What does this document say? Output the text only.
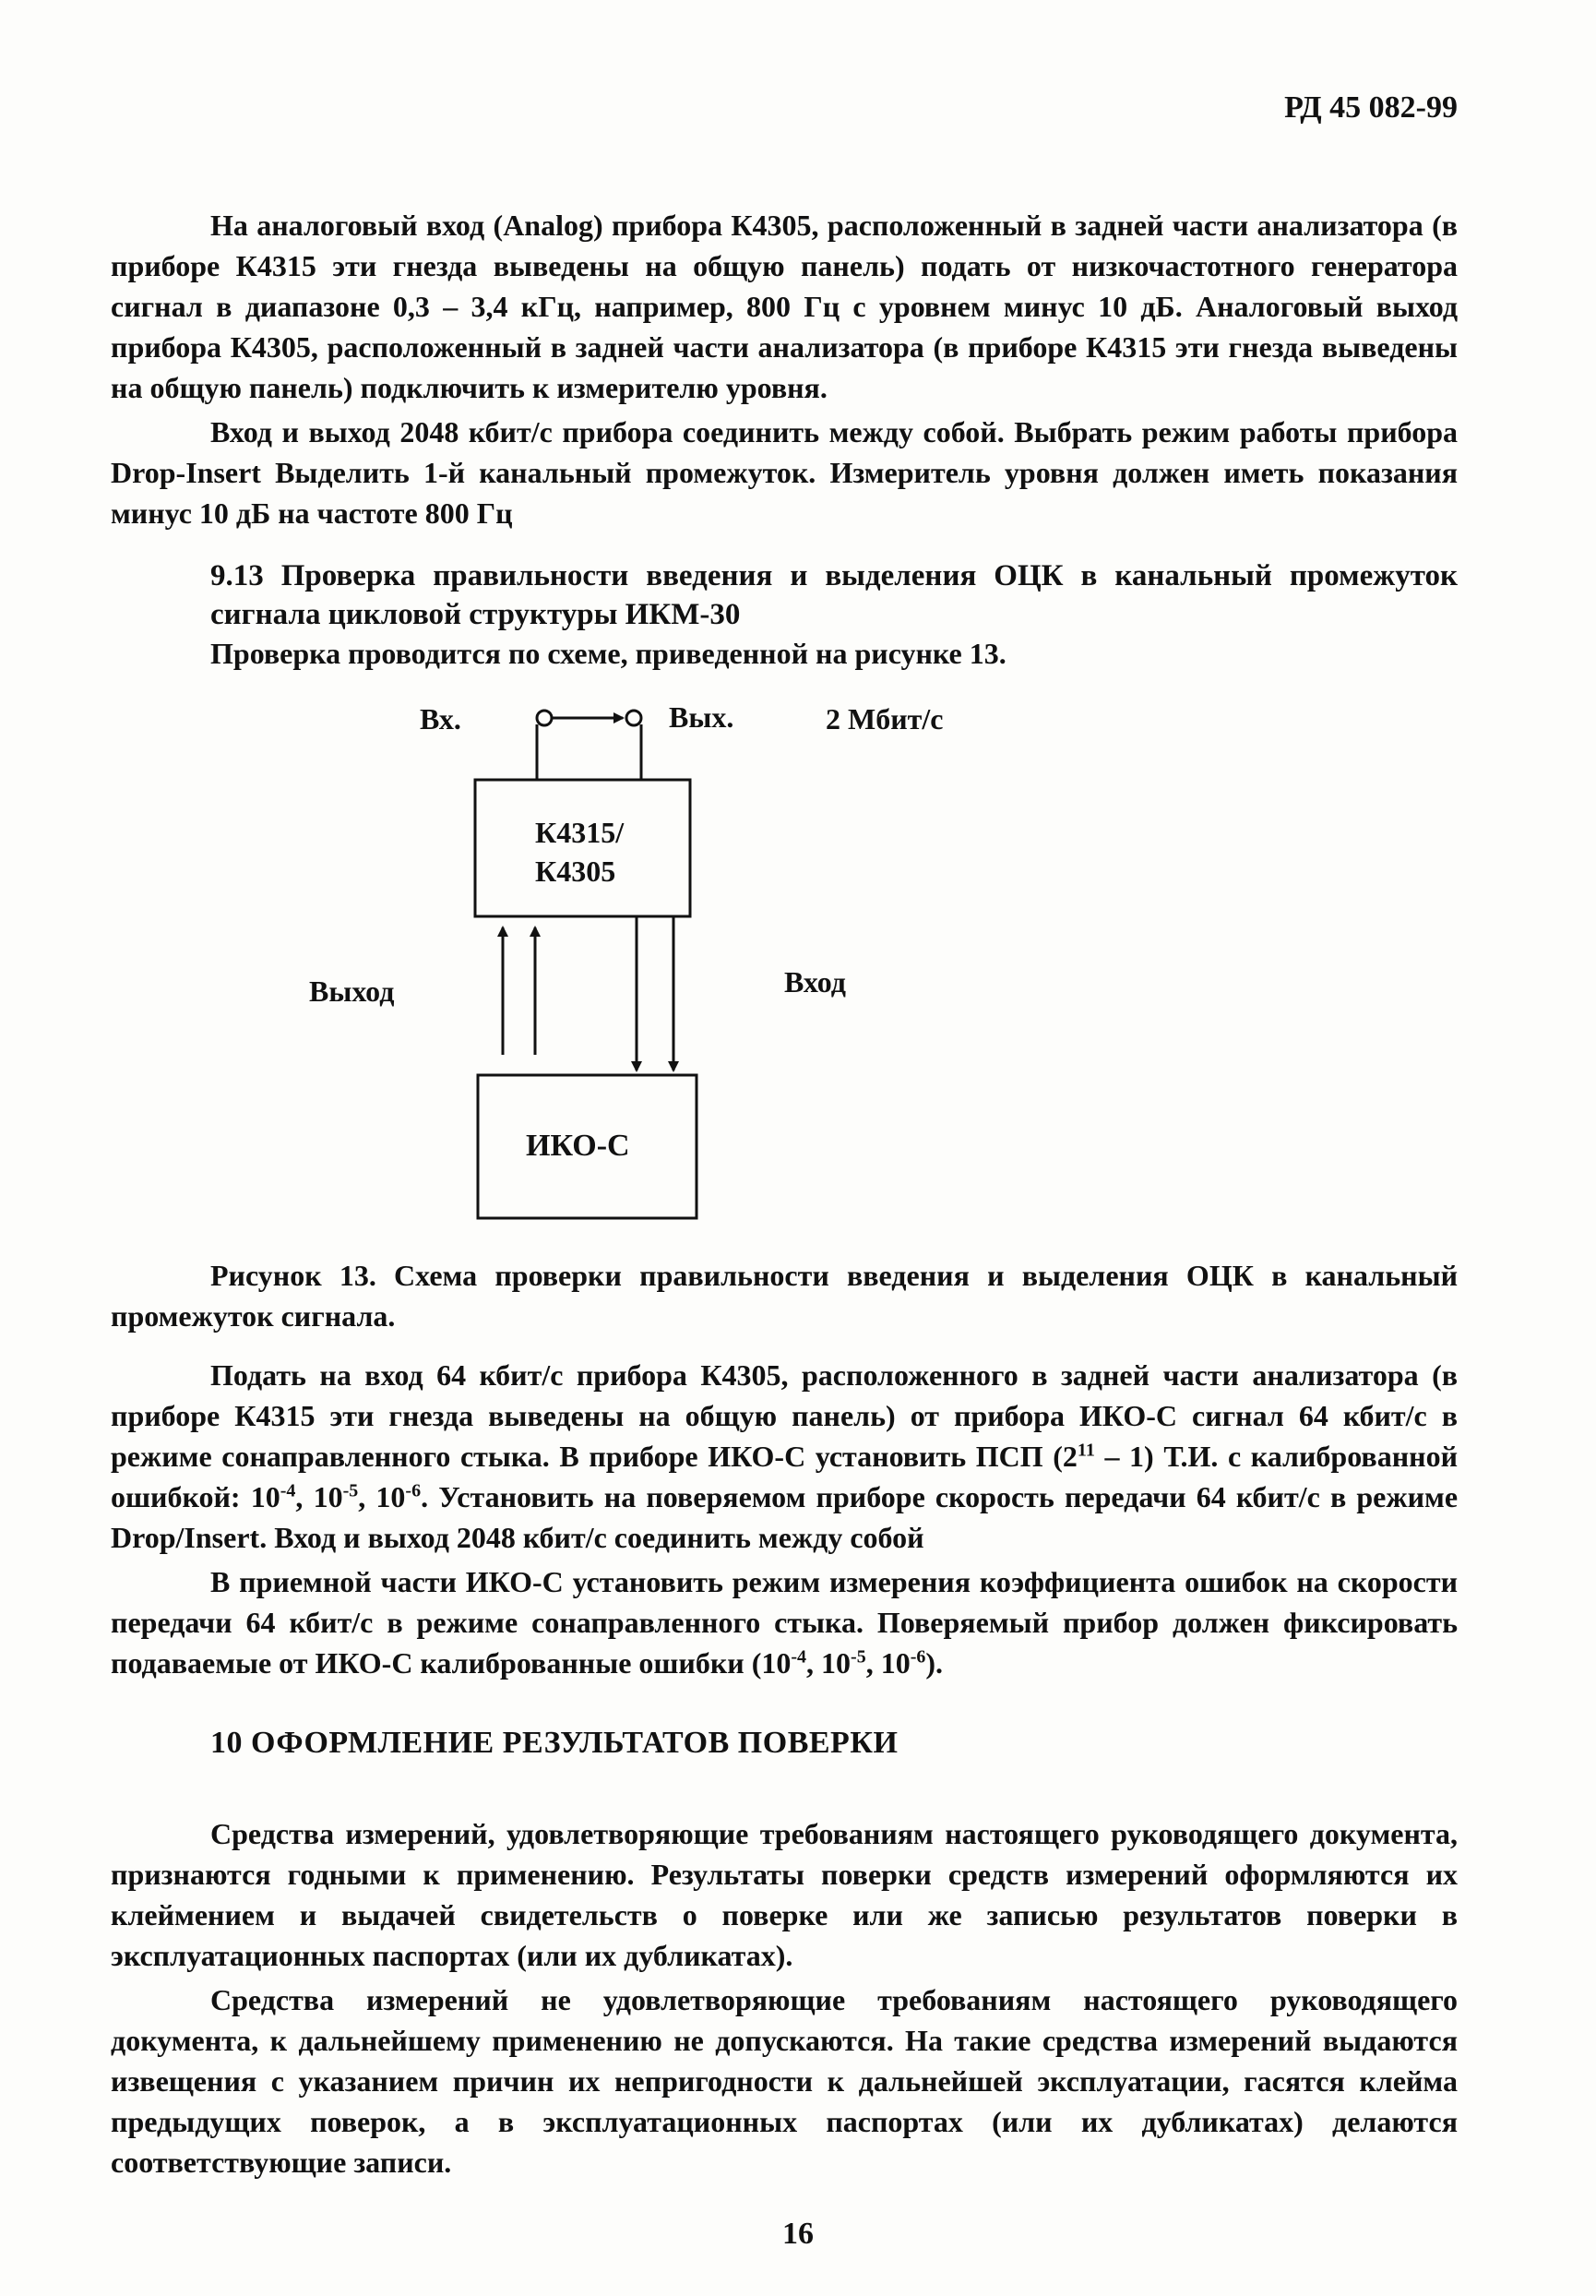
РД 45 082-99

На аналоговый вход (Analog) прибора К4305, расположенный в задней части анализатора (в приборе К4315 эти гнезда выведены на общую панель) подать от низкочастотного генератора сигнал в диапазоне 0,3 – 3,4 кГц, например, 800 Гц с уровнем минус 10 дБ. Аналоговый выход прибора К4305, расположенный в задней части анализатора (в приборе К4315 эти гнезда выведены на общую панель) подключить к измерителю уровня.

Вход и выход 2048 кбит/с прибора соединить между собой. Выбрать режим работы прибора Drop-Insert Выделить 1-й канальный промежуток. Измеритель уровня должен иметь показания минус 10 дБ на частоте 800 Гц

9.13 Проверка правильности введения и выделения ОЦК в канальный промежуток сигнала цикловой структуры ИКМ-30
Проверка проводится по схеме, приведенной на рисунке 13.
Вх.	Вых.	2 Мбит/с
К4315/
К4305
Выход	Вход
ИКО-С
Рисунок 13. Схема проверки правильности введения и выделения ОЦК в канальный промежуток сигнала.

Подать на вход 64 кбит/с прибора К4305, расположенного в задней части анализатора (в приборе К4315 эти гнезда выведены на общую панель) от прибора ИКО-С сигнал 64 кбит/с в режиме сонаправленного стыка. В приборе ИКО-С установить ПСП $(2^{11} - 1)$ Т.И. с калиброванной ошибкой: $10^{-4}$, $10^{-5}$, $10^{-6}$. Установить на поверяемом приборе скорость передачи 64 кбит/с в режиме Drop/Insert. Вход и выход 2048 кбит/с соединить между собой

В приемной части ИКО-С установить режим измерения коэффициента ошибок на скорости передачи 64 кбит/с в режиме сонаправленного стыка. Поверяемый прибор должен фиксировать подаваемые от ИКО-С калиброванные ошибки ($10^{-4}$, $10^{-5}$, $10^{-6}$).

10 ОФОРМЛЕНИЕ РЕЗУЛЬТАТОВ ПОВЕРКИ

Средства измерений, удовлетворяющие требованиям настоящего руководящего документа, признаются годными к применению. Результаты поверки средств измерений оформляются их клеймением и выдачей свидетельств о поверке или же записью результатов поверки в эксплуатационных паспортах (или их дубликатах).

Средства измерений не удовлетворяющие требованиям настоящего руководящего документа, к дальнейшему применению не допускаются. На такие средства измерений выдаются извещения с указанием причин их непригодности к дальнейшей эксплуатации, гасятся клейма предыдущих поверок, а в эксплуатационных паспортах (или их дубликатах) делаются соответствующие записи.

16
